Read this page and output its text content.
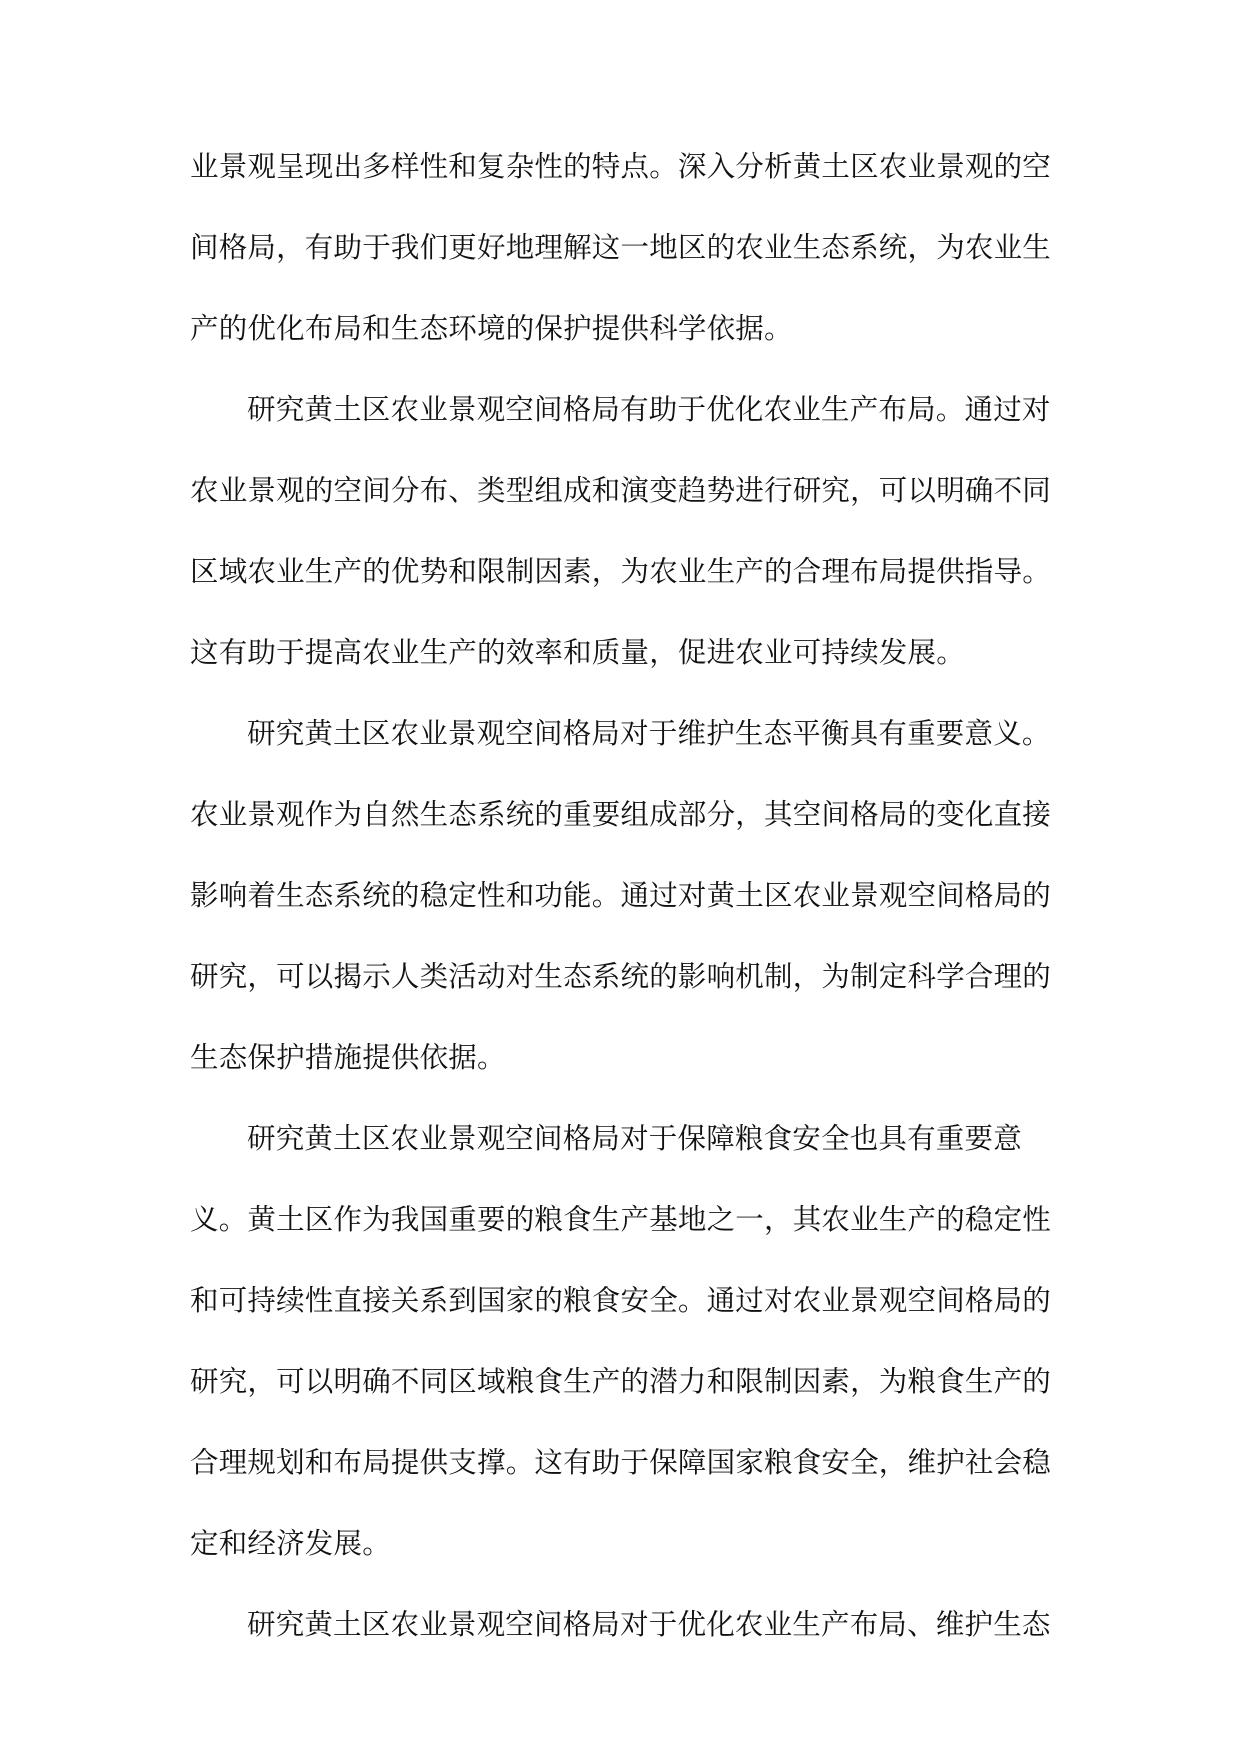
业景观呈现出多样性和复杂性的特点。深入分析黄土区农业景观的空
间格局，有助于我们更好地理解这一地区的农业生态系统，为农业生
产的优化布局和生态环境的保护提供科学依据。
研究黄土区农业景观空间格局有助于优化农业生产布局。通过对
农业景观的空间分布、类型组成和演变趋势进行研究，可以明确不同
区域农业生产的优势和限制因素，为农业生产的合理布局提供指导。
这有助于提高农业生产的效率和质量，促进农业可持续发展。
研究黄土区农业景观空间格局对于维护生态平衡具有重要意义。
农业景观作为自然生态系统的重要组成部分，其空间格局的变化直接
影响着生态系统的稳定性和功能。通过对黄土区农业景观空间格局的
研究，可以揭示人类活动对生态系统的影响机制，为制定科学合理的
生态保护措施提供依据。
研究黄土区农业景观空间格局对于保障粮食安全也具有重要意
义。黄土区作为我国重要的粮食生产基地之一，其农业生产的稳定性
和可持续性直接关系到国家的粮食安全。通过对农业景观空间格局的
研究，可以明确不同区域粮食生产的潜力和限制因素，为粮食生产的
合理规划和布局提供支撑。这有助于保障国家粮食安全，维护社会稳
定和经济发展。
研究黄土区农业景观空间格局对于优化农业生产布局、维护生态
